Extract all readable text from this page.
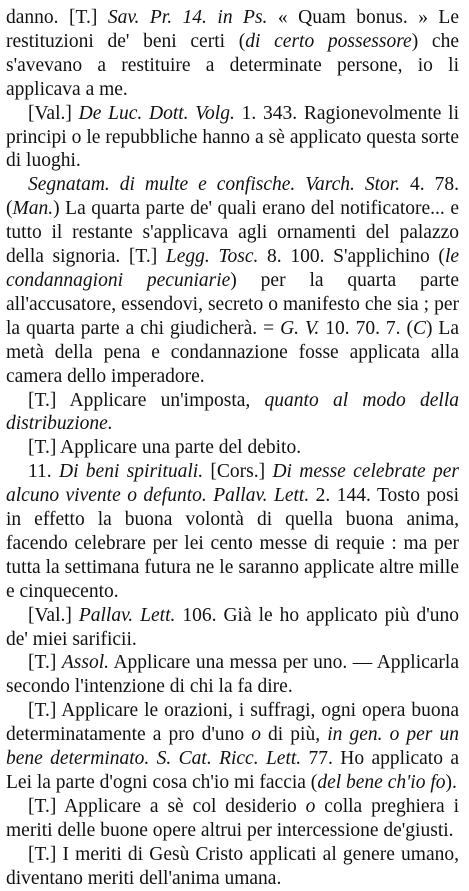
danno. [T.] Sav. Pr. 14. in Ps. « Quam bonus. » Le restituzioni de' beni certi (di certo possessore) che s'avevano a restituire a determinate persone, io li applicava a me.
[Val.] De Luc. Dott. Volg. 1. 343. Ragionevolmente li principi o le repubbliche hanno a sè applicato questa sorte di luoghi.
Segnatam. di multe e confische. Varch. Stor. 4. 78. (Man.) La quarta parte de' quali erano del notificatore... e tutto il restante s'applicava agli ornamenti del palazzo della signoria. [T.] Legg. Tosc. 8. 100. S'applichino (le condannagioni pecuniarie) per la quarta parte all'accusatore, essendovi, secreto o manifesto che sia ; per la quarta parte a chi giudicherà. = G. V. 10. 70. 7. (C) La metà della pena e condannazione fosse applicata alla camera dello imperadore.
[T.] Applicare un'imposta, quanto al modo della distribuzione.
[T.] Applicare una parte del debito.
11. Di beni spirituali. [Cors.] Di messe celebrate per alcuno vivente o defunto. Pallav. Lett. 2. 144. Tosto posi in effetto la buona volontà di quella buona anima, facendo celebrare per lei cento messe di requie : ma per tutta la settimana futura ne le saranno applicate altre mille e cinquecento.
[Val.] Pallav. Lett. 106. Già le ho applicato più d'uno de' miei sarificii.
[T.] Assol. Applicare una messa per uno. — Applicarla secondo l'intenzione di chi la fa dire.
[T.] Applicare le orazioni, i suffragi, ogni opera buona determinatamente a pro d'uno o di più, in gen. o per un bene determinato. S. Cat. Ricc. Lett. 77. Ho applicato a Lei la parte d'ogni cosa ch'io mi faccia (del bene ch'io fo).
[T.] Applicare a sè col desiderio o colla preghiera i meriti delle buone opere altrui per intercessione de'giusti.
[T.] I meriti di Gesù Cristo applicati al genere umano, diventano meriti dell'anima umana.
